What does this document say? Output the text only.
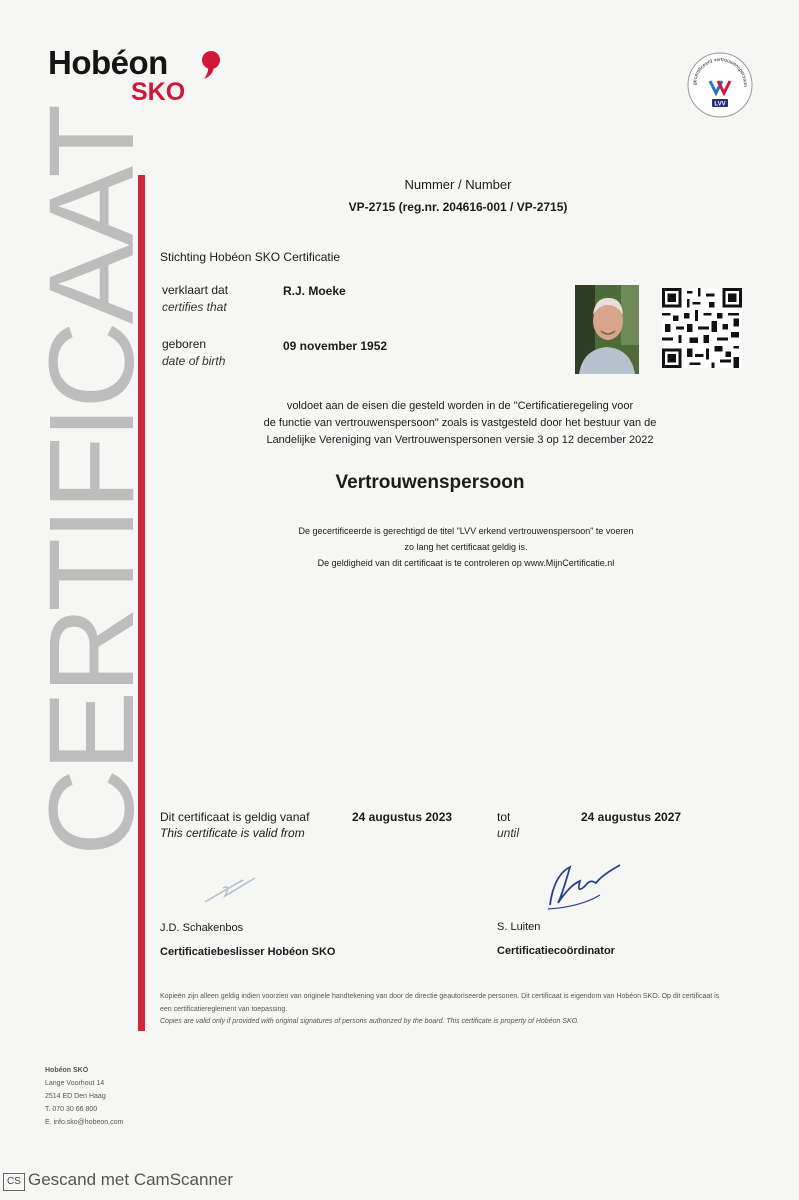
Hobéon
SKO	gecertificeerd vertrouwenspersoon
LVV
CERTIFICAAT	Nummer / Number
VP-2715 (reg.nr. 204616-001 / VP-2715)
Stichting Hobéon SKO Certificatie
verklaart dat
certifies that
R.J. Moeke
geboren
date of birth
09 november 1952
voldoet aan de eisen die gesteld worden in de "Certificatieregeling voor
de functie van vertrouwenspersoon" zoals is vastgesteld door het bestuur van de
Landelijke Vereniging van Vertrouwenspersonen versie 3 op 12 december 2022
Vertrouwenspersoon
De gecertificeerde is gerechtigd de titel "LVV erkend vertrouwenspersoon" te voeren
zo lang het certificaat geldig is.
De geldigheid van dit certificaat is te controleren op www.MijnCertificatie.nl
Dit certificaat is geldig vanaf
This certificate is valid from
24 augustus 2023	tot
until
24 augustus 2027
J.D. Schakenbos
Certificatiebeslisser Hobéon SKO
S. Luiten
Certificatiecoördinator
Kopieën zijn alleen geldig indien voorzien van originele handtekening van door de directie geautoriseerde personen. Dit certificaat is eigendom van Hobéon SKO. Op dit certificaat is een certificatiereglement van toepassing.
Copies are valid only if provided with original signatures of persons authorized by the board. This certificate is property of Hobéon SKO.
Hobéon SKO
Lange Voorhout 14
2514 ED Den Haag
T. 070 30 66 800
E. info.sko@hobeon.com
CS Gescand met CamScanner
